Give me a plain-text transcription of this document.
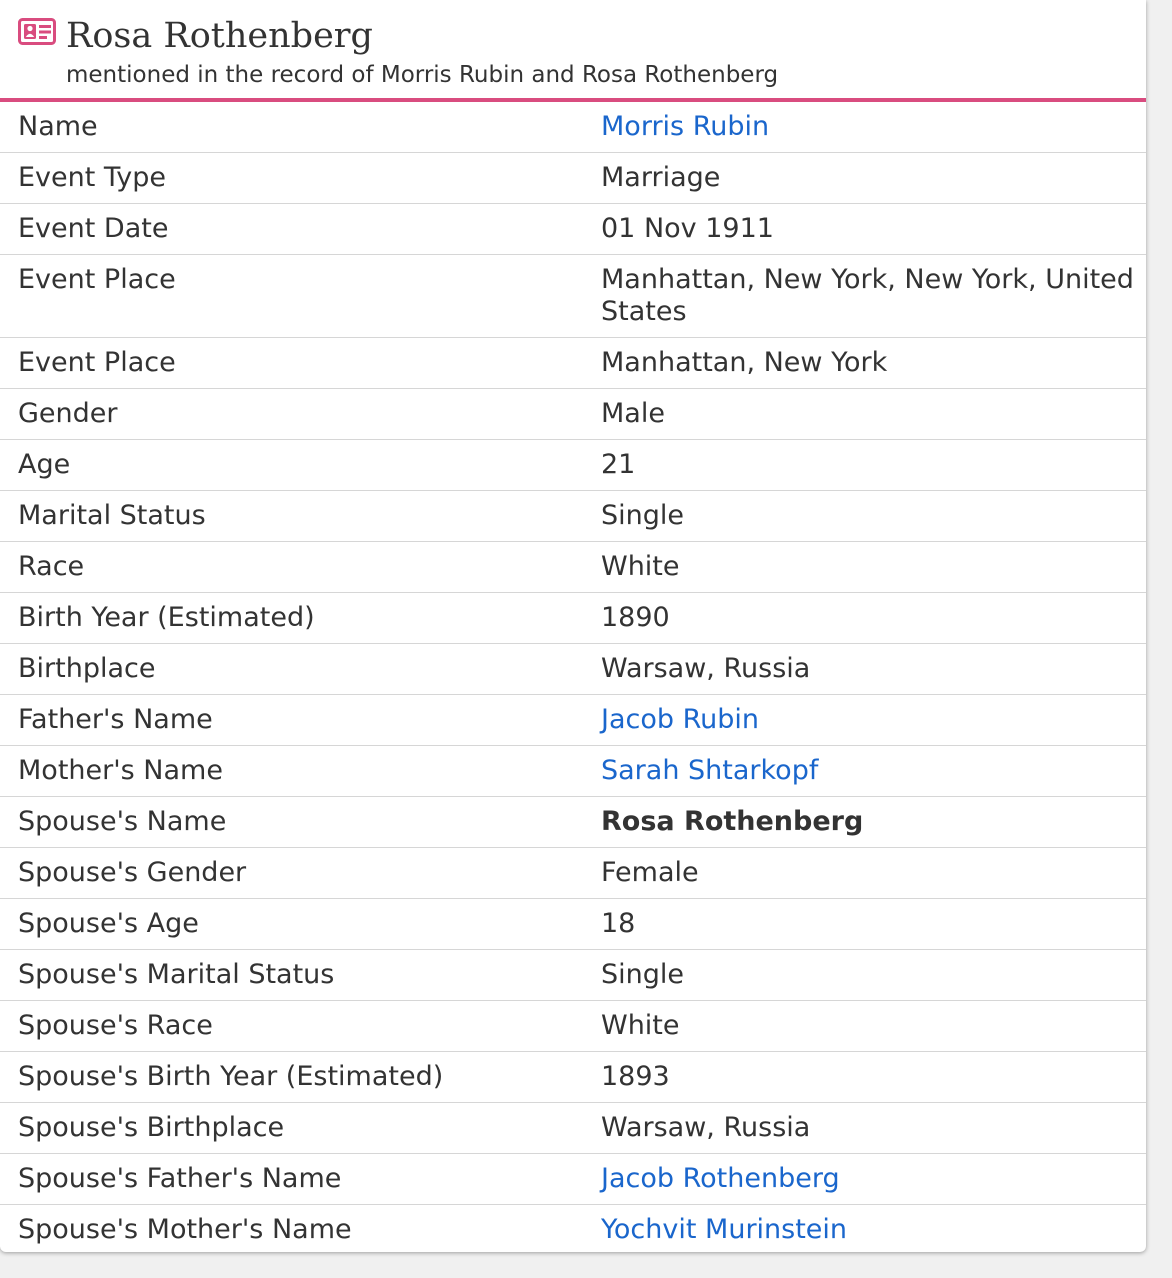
Rosa Rothenberg
mentioned in the record of Morris Rubin and Rosa Rothenberg
Name	Morris Rubin
Event Type	Marriage
Event Date	01 Nov 1911
Event Place	Manhattan, New York, New York, United States
Event Place	Manhattan, New York
Gender	Male
Age	21
Marital Status	Single
Race	White
Birth Year (Estimated)	1890
Birthplace	Warsaw, Russia
Father's Name	Jacob Rubin
Mother's Name	Sarah Shtarkopf
Spouse's Name	Rosa Rothenberg
Spouse's Gender	Female
Spouse's Age	18
Spouse's Marital Status	Single
Spouse's Race	White
Spouse's Birth Year (Estimated)	1893
Spouse's Birthplace	Warsaw, Russia
Spouse's Father's Name	Jacob Rothenberg
Spouse's Mother's Name	Yochvit Murinstein
